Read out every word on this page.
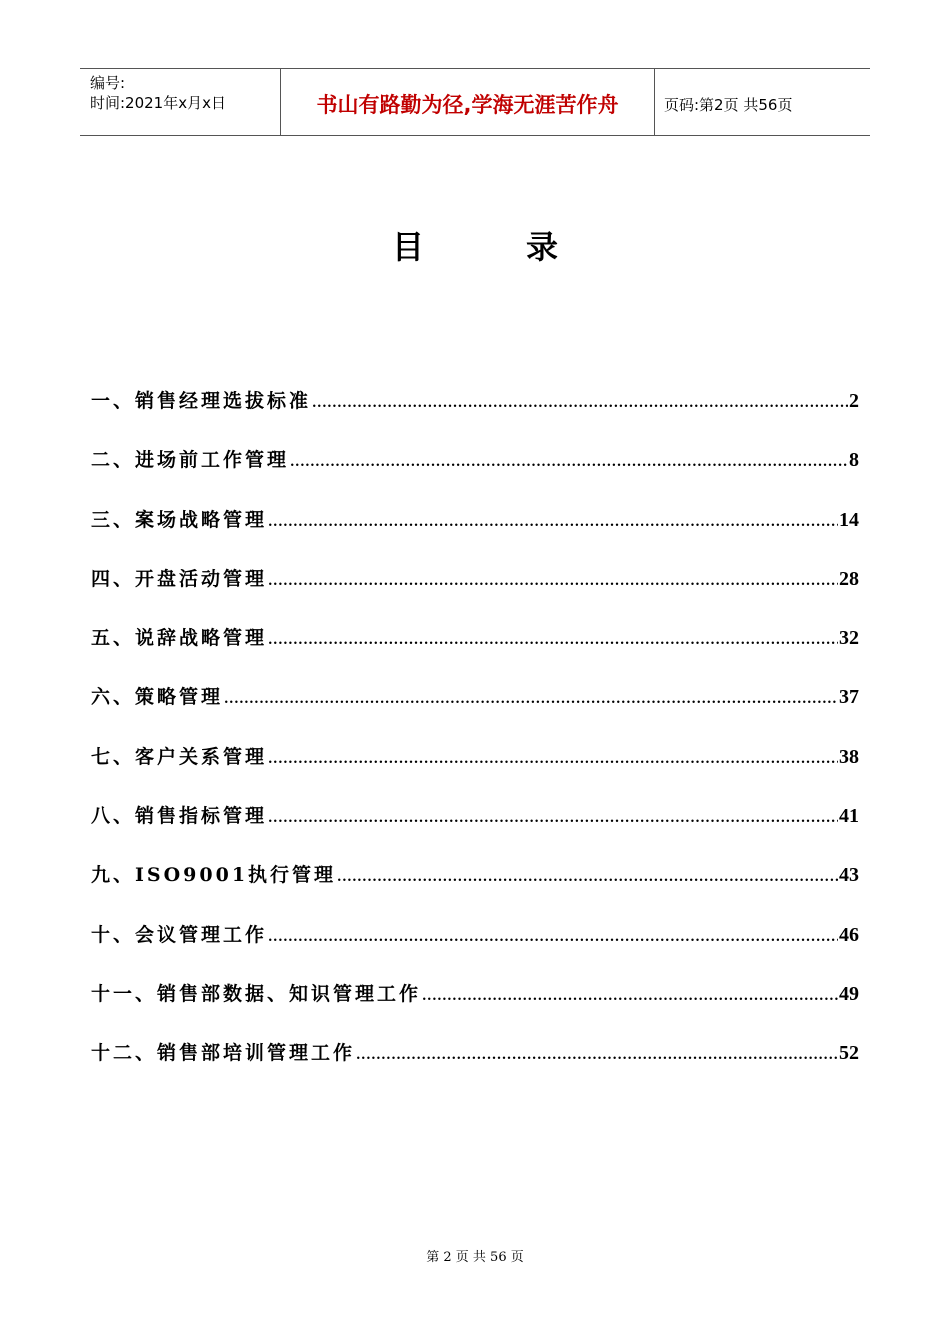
编号:
时间:2021年x月x日	书山有路勤为径,学海无涯苦作舟	页码:第2页 共56页
目录
一、销售经理选拔标准 .....	2
二、进场前工作管理 .....	8
三、案场战略管理 .....	14
四、开盘活动管理 .....	28
五、说辞战略管理 .....	32
六、策略管理 .....	37
七、客户关系管理 .....	38
八、销售指标管理 .....	41
九、ISO9001执行管理 .....	43
十、会议管理工作 .....	46
十一、销售部数据、知识管理工作 .....	49
十二、销售部培训管理工作 .....	52
第 2 页 共 56 页
